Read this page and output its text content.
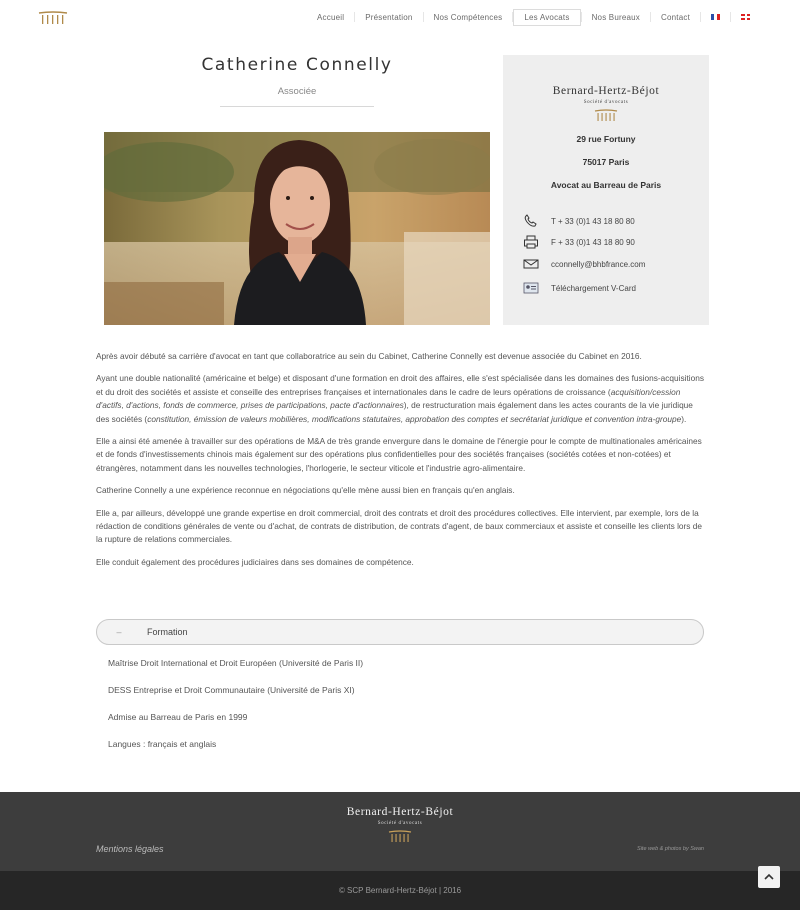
Accueil	Présentation	Nos Compétences	Les Avocats	Nos Bureaux	Contact
Catherine Connelly
Associée	Bernard-Hertz-Béjot
Société d'avocats
29 rue Fortuny
75017 Paris
Avocat au Barreau de Paris
T + 33 (0)1 43 18 80 80
F + 33 (0)1 43 18 80 90
cconnelly@bhbfrance.com
Téléchargement V-Card

Après avoir débuté sa carrière d'avocat en tant que collaboratrice au sein du Cabinet, Catherine Connelly est devenue associée du Cabinet en 2016.

Ayant une double nationalité (américaine et belge) et disposant d'une formation en droit des affaires, elle s'est spécialisée dans les domaines des fusions-acquisitions et du droit des sociétés et assiste et conseille des entreprises françaises et internationales dans le cadre de leurs opérations de croissance (acquisition/cession d'actifs, d'actions, fonds de commerce, prises de participations, pacte d'actionnaires), de restructuration mais également dans les actes courants de la vie juridique des sociétés (constitution, émission de valeurs mobilières, modifications statutaires, approbation des comptes et secrétariat juridique et convention intra-groupe).

Elle a ainsi été amenée à travailler sur des opérations de M&A de très grande envergure dans le domaine de l'énergie pour le compte de multinationales américaines et de fonds d'investissements chinois mais également sur des opérations plus confidentielles pour des sociétés françaises (sociétés cotées et non-cotées) et étrangères, notamment dans les nouvelles technologies, l'horlogerie, le secteur viticole et l'industrie agro-alimentaire.

Catherine Connelly a une expérience reconnue en négociations qu'elle mène aussi bien en français qu'en anglais.

Elle a, par ailleurs, développé une grande expertise en droit commercial, droit des contrats et droit des procédures collectives. Elle intervient, par exemple, lors de la rédaction de conditions générales de vente ou d'achat, de contrats de distribution, de contrats d'agent, de baux commerciaux et assiste et conseille les clients lors de la rupture de relations commerciales.

Elle conduit également des procédures judiciaires dans ses domaines de compétence.

–	Formation
Maîtrise Droit International et Droit Européen (Université de Paris II)
DESS Entreprise et Droit Communautaire (Université de Paris XI)
Admise au Barreau de Paris en 1999
Langues : français et anglais
Bernard-Hertz-Béjot
Société d'avocats
Mentions légales	Site web & photos by Swan
© SCP Bernard-Hertz-Béjot | 2016
